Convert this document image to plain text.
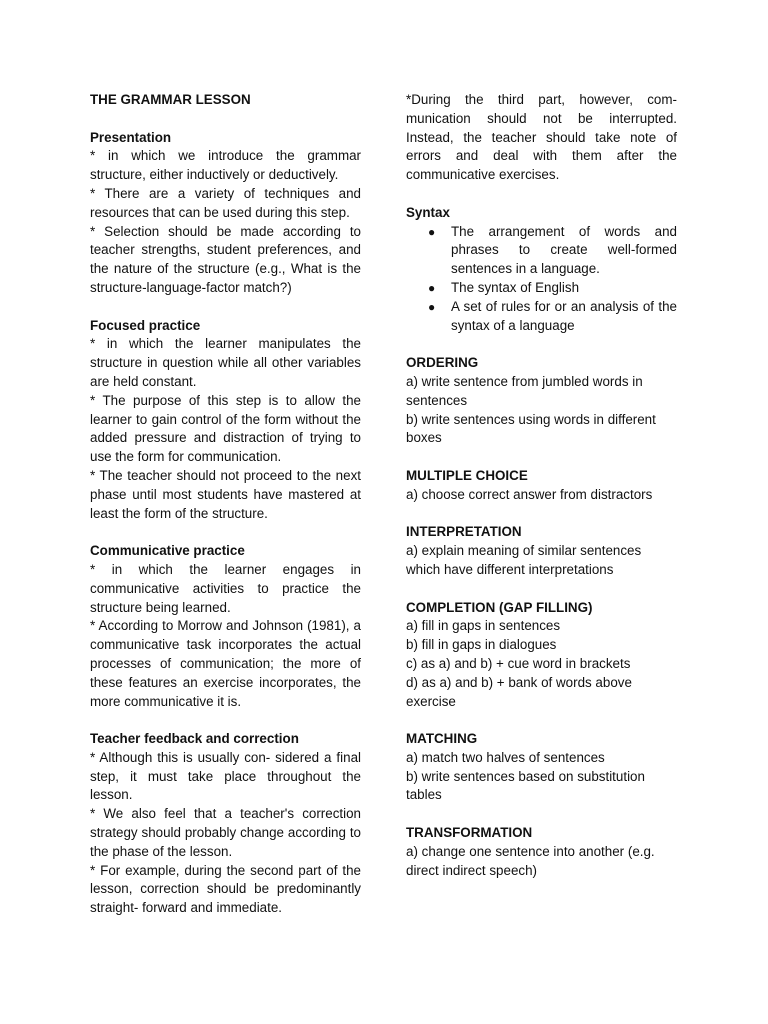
THE GRAMMAR LESSON

Presentation

* in which we introduce the grammar structure, either inductively or deductively.

* There are a variety of techniques and resources that can be used during this step.

* Selection should be made according to teacher strengths, student preferences, and the nature of the structure (e.g., What is the structure-language-factor match?)

Focused practice

* in which the learner manipulates the structure in question while all other variables are held constant.

* The purpose of this step is to allow the learner to gain control of the form without the added pressure and distraction of trying to use the form for communication.

* The teacher should not proceed to the next phase until most students have mastered at least the form of the structure.

Communicative practice

* in which the learner engages in communicative activities to practice the structure being learned.

* According to Morrow and Johnson (1981), a communicative task incorporates the actual processes of communication; the more of these features an exercise incorporates, the more communicative it is.

Teacher feedback and correction

* Although this is usually con- sidered a final step, it must take place throughout the lesson.

* We also feel that a teacher's correction strategy should probably change according to the phase of the lesson.

* For example, during the second part of the lesson, correction should be predominantly straight- forward and immediate.

*During the third part, however, com- munication should not be interrupted. Instead, the teacher should take note of errors and deal with them after the communicative exercises.

Syntax

● The arrangement of words and phrases to create well-formed sentences in a language.
● The syntax of English
● A set of rules for or an analysis of the syntax of a language

ORDERING

a) write sentence from jumbled words in sentences

b) write sentences using words in different boxes

MULTIPLE CHOICE

a) choose correct answer from distractors

INTERPRETATION

a) explain meaning of similar sentences which have different interpretations

COMPLETION (GAP FILLING)

a) fill in gaps in sentences

b) fill in gaps in dialogues

c) as a) and b) + cue word in brackets

d) as a) and b) + bank of words above exercise

MATCHING

a) match two halves of sentences

b) write sentences based on substitution tables

TRANSFORMATION

a) change one sentence into another (e.g. direct indirect speech)
